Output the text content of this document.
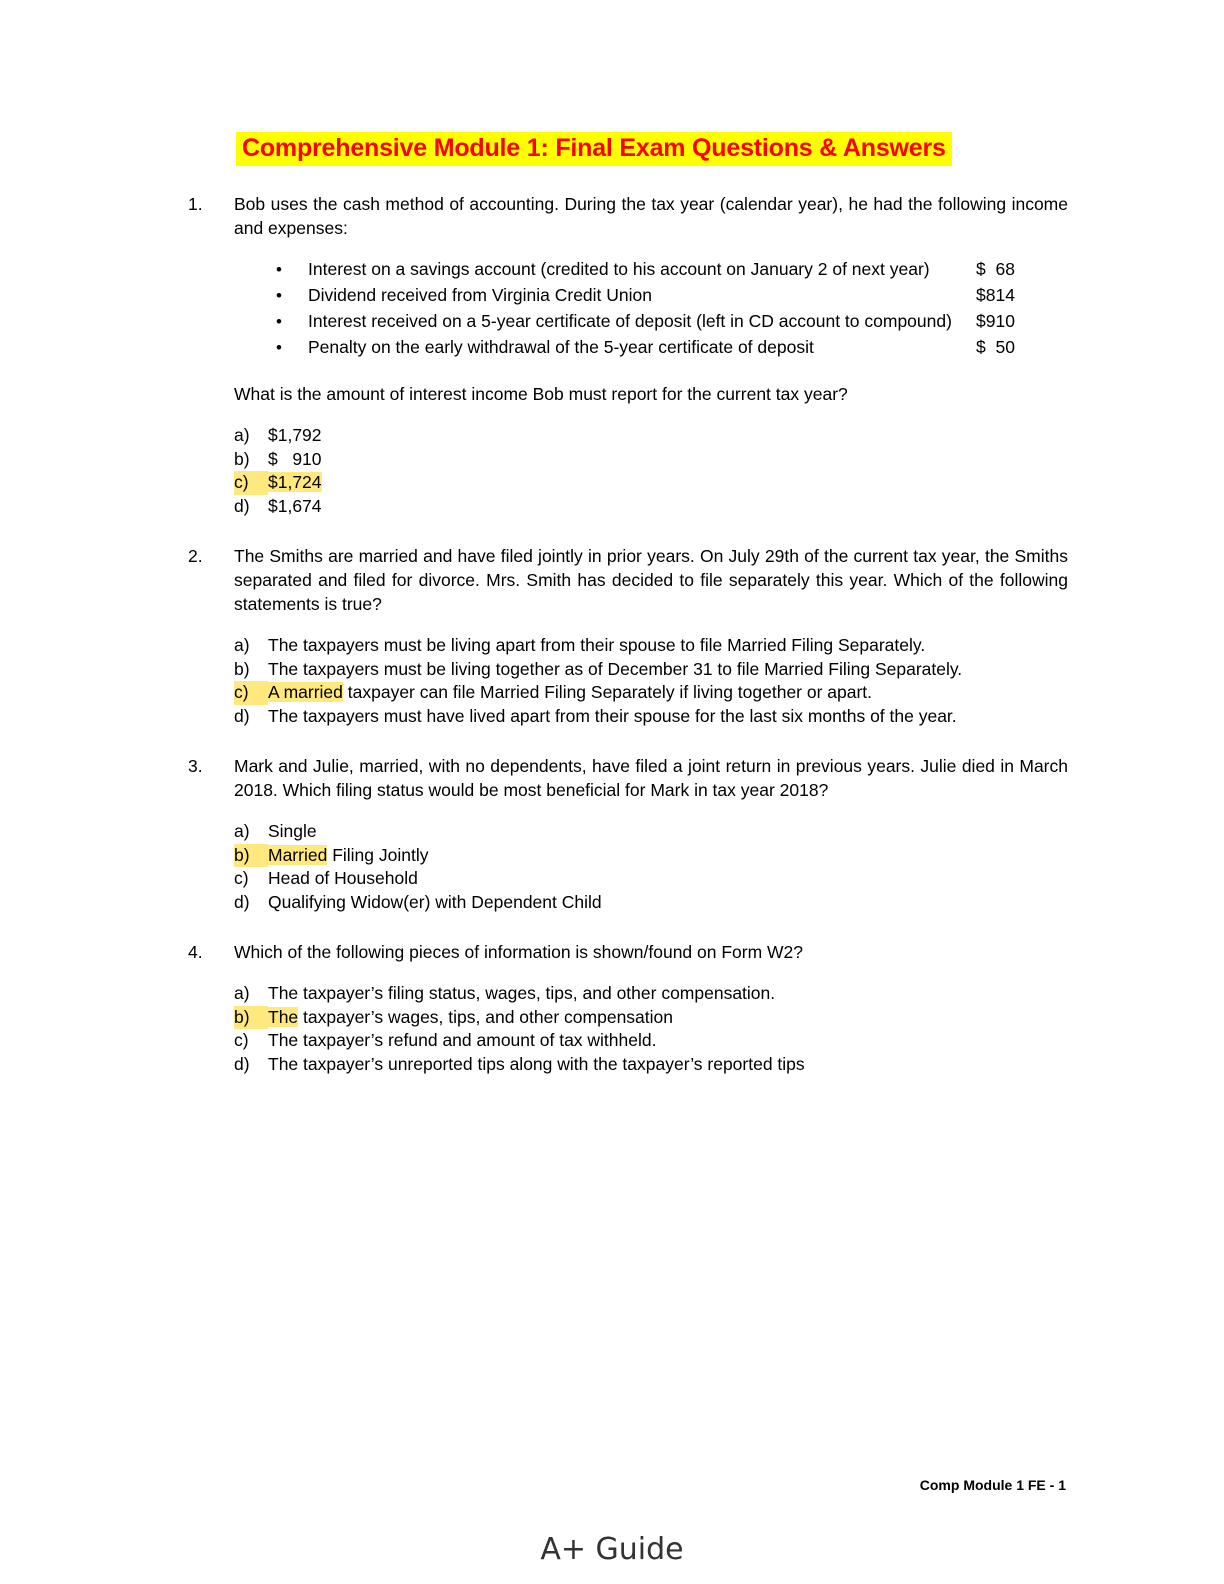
Comprehensive Module 1: Final Exam Questions & Answers
1.	Bob uses the cash method of accounting. During the tax year (calendar year), he had the following income and expenses:
•	Interest on a savings account (credited to his account on January 2 of next year)	$  68
•	Dividend received from Virginia Credit Union	$814
•	Interest received on a 5-year certificate of deposit (left in CD account to compound)	$910
•	Penalty on the early withdrawal of the 5-year certificate of deposit	$  50
What is the amount of interest income Bob must report for the current tax year?
a)	$1,792
b)	$   910
c)	$1,724
d)	$1,674
2.	The Smiths are married and have filed jointly in prior years. On July 29th of the current tax year, the Smiths separated and filed for divorce. Mrs. Smith has decided to file separately this year. Which of the following statements is true?
a)	The taxpayers must be living apart from their spouse to file Married Filing Separately.
b)	The taxpayers must be living together as of December 31 to file Married Filing Separately.
c)	A married taxpayer can file Married Filing Separately if living together or apart.
d)	The taxpayers must have lived apart from their spouse for the last six months of the year.
3.	Mark and Julie, married, with no dependents, have filed a joint return in previous years. Julie died in March 2018. Which filing status would be most beneficial for Mark in tax year 2018?
a)	Single
b)	Married Filing Jointly
c)	Head of Household
d)	Qualifying Widow(er) with Dependent Child
4.	Which of the following pieces of information is shown/found on Form W2?
a)	The taxpayer’s filing status, wages, tips, and other compensation.
b)	The taxpayer’s wages, tips, and other compensation
c)	The taxpayer’s refund and amount of tax withheld.
d)	The taxpayer’s unreported tips along with the taxpayer’s reported tips
Comp Module 1 FE - 1
A+ Guide
